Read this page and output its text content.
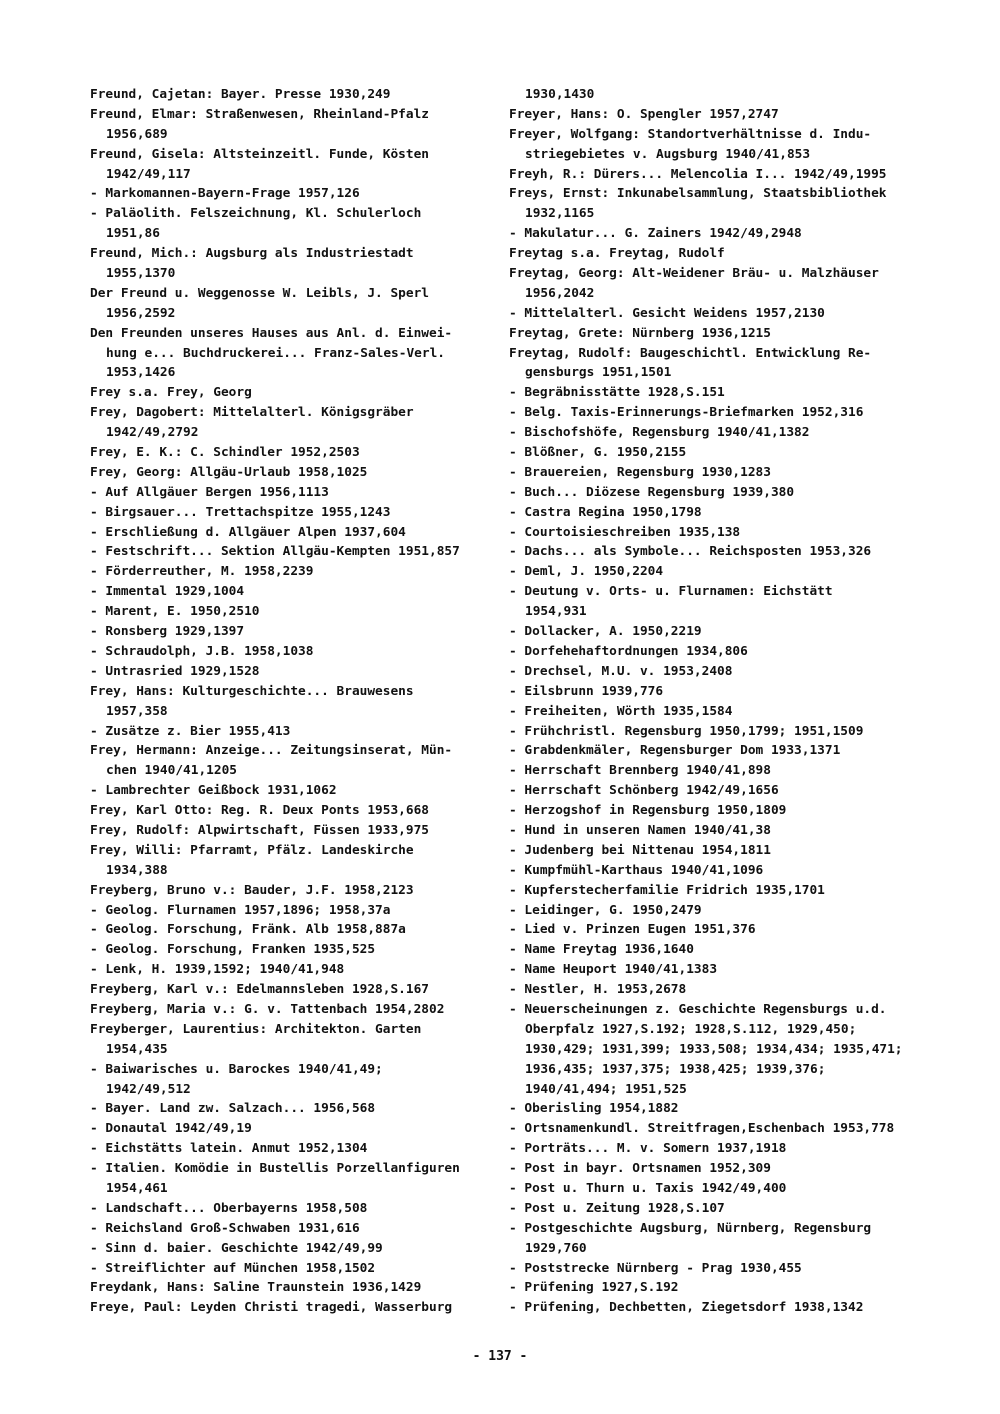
Freund, Cajetan: Bayer. Presse 1930,249
Freund, Elmar: Straßenwesen, Rheinland-Pfalz
1956,689
Freund, Gisela: Altsteinzeitl. Funde, Kösten
1942/49,117
- Markomannen-Bayern-Frage 1957,126
- Paläolith. Felszeichnung, Kl. Schulerloch
1951,86
Freund, Mich.: Augsburg als Industriestadt
1955,1370
Der Freund u. Weggenosse W. Leibls, J. Sperl
1956,2592
Den Freunden unseres Hauses aus Anl. d. Einwei-
hung e... Buchdruckerei... Franz-Sales-Verl.
1953,1426
Frey s.a. Frey, Georg
Frey, Dagobert: Mittelalterl. Königsgräber
1942/49,2792
Frey, E. K.: C. Schindler 1952,2503
Frey, Georg: Allgäu-Urlaub 1958,1025
- Auf Allgäuer Bergen 1956,1113
- Birgsauer... Trettachspitze 1955,1243
- Erschließung d. Allgäuer Alpen 1937,604
- Festschrift... Sektion Allgäu-Kempten 1951,857
- Förderreuther, M. 1958,2239
- Immental 1929,1004
- Marent, E. 1950,2510
- Ronsberg 1929,1397
- Schraudolph, J.B. 1958,1038
- Untrasried 1929,1528
Frey, Hans: Kulturgeschichte... Brauwesens
1957,358
- Zusätze z. Bier 1955,413
Frey, Hermann: Anzeige... Zeitungsinserat, Mün-
chen 1940/41,1205
- Lambrechter Geißbock 1931,1062
Frey, Karl Otto: Reg. R. Deux Ponts 1953,668
Frey, Rudolf: Alpwirtschaft, Füssen 1933,975
Frey, Willi: Pfarramt, Pfälz. Landeskirche
1934,388
Freyberg, Bruno v.: Bauder, J.F. 1958,2123
- Geolog. Flurnamen 1957,1896; 1958,37a
- Geolog. Forschung, Fränk. Alb 1958,887a
- Geolog. Forschung, Franken 1935,525
- Lenk, H. 1939,1592; 1940/41,948
Freyberg, Karl v.: Edelmannsleben 1928,S.167
Freyberg, Maria v.: G. v. Tattenbach 1954,2802
Freyberger, Laurentius: Architekton. Garten
1954,435
- Baiwarisches u. Barockes 1940/41,49;
1942/49,512
- Bayer. Land zw. Salzach... 1956,568
- Donautal 1942/49,19
- Eichstätts latein. Anmut 1952,1304
- Italien. Komödie in Bustellis Porzellanfiguren
1954,461
- Landschaft... Oberbayerns 1958,508
- Reichsland Groß-Schwaben 1931,616
- Sinn d. baier. Geschichte 1942/49,99
- Streiflichter auf München 1958,1502
Freydank, Hans: Saline Traunstein 1936,1429
Freye, Paul: Leyden Christi tragedi, Wasserburg
1930,1430
Freyer, Hans: O. Spengler 1957,2747
Freyer, Wolfgang: Standortverhältnisse d. Indu-
striegebietes v. Augsburg 1940/41,853
Freyh, R.: Dürers... Melencolia I... 1942/49,1995
Freys, Ernst: Inkunabelsammlung, Staatsbibliothek
1932,1165
- Makulatur... G. Zainers 1942/49,2948
Freytag s.a. Freytag, Rudolf
Freytag, Georg: Alt-Weidener Bräu- u. Malzhäuser
1956,2042
- Mittelalterl. Gesicht Weidens 1957,2130
Freytag, Grete: Nürnberg 1936,1215
Freytag, Rudolf: Baugeschichtl. Entwicklung Re-
gensburgs 1951,1501
- Begräbnisstätte 1928,S.151
- Belg. Taxis-Erinnerungs-Briefmarken 1952,316
- Bischofshöfe, Regensburg 1940/41,1382
- Blößner, G. 1950,2155
- Brauereien, Regensburg 1930,1283
- Buch... Diözese Regensburg 1939,380
- Castra Regina 1950,1798
- Courtoisieschreiben 1935,138
- Dachs... als Symbole... Reichsposten 1953,326
- Deml, J. 1950,2204
- Deutung v. Orts- u. Flurnamen: Eichstätt
1954,931
- Dollacker, A. 1950,2219
- Dorfehehaftordnungen 1934,806
- Drechsel, M.U. v. 1953,2408
- Eilsbrunn 1939,776
- Freiheiten, Wörth 1935,1584
- Frühchristl. Regensburg 1950,1799; 1951,1509
- Grabdenkmäler, Regensburger Dom 1933,1371
- Herrschaft Brennberg 1940/41,898
- Herrschaft Schönberg 1942/49,1656
- Herzogshof in Regensburg 1950,1809
- Hund in unseren Namen 1940/41,38
- Judenberg bei Nittenau 1954,1811
- Kumpfmühl-Karthaus 1940/41,1096
- Kupferstecherfamilie Fridrich 1935,1701
- Leidinger, G. 1950,2479
- Lied v. Prinzen Eugen 1951,376
- Name Freytag 1936,1640
- Name Heuport 1940/41,1383
- Nestler, H. 1953,2678
- Neuerscheinungen z. Geschichte Regensburgs u.d.
Oberpfalz 1927,S.192; 1928,S.112, 1929,450;
1930,429; 1931,399; 1933,508; 1934,434; 1935,471;
1936,435; 1937,375; 1938,425; 1939,376;
1940/41,494; 1951,525
- Oberisling 1954,1882
- Ortsnamenkundl. Streitfragen,Eschenbach 1953,778
- Porträts... M. v. Somern 1937,1918
- Post in bayr. Ortsnamen 1952,309
- Post u. Thurn u. Taxis 1942/49,400
- Post u. Zeitung 1928,S.107
- Postgeschichte Augsburg, Nürnberg, Regensburg
1929,760
- Poststrecke Nürnberg - Prag 1930,455
- Prüfening 1927,S.192
- Prüfening, Dechbetten, Ziegetsdorf 1938,1342
- 137 -
